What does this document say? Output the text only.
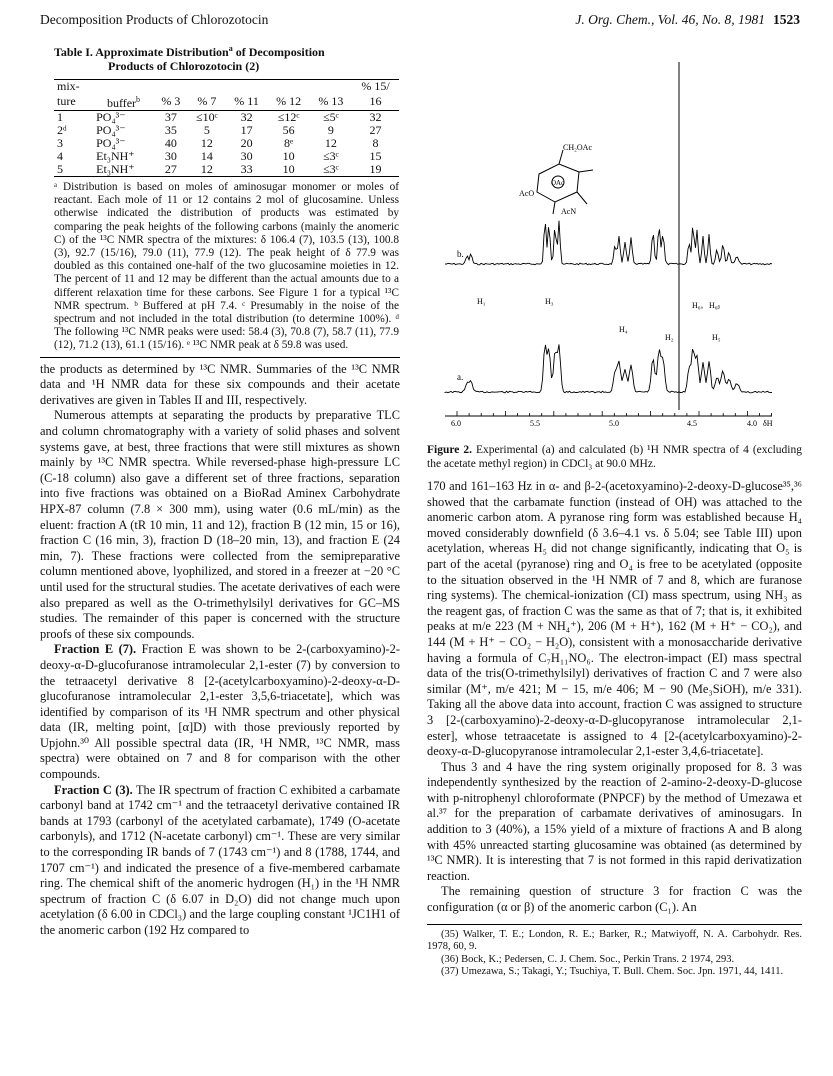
Decomposition Products of Chlorozotocin	J. Org. Chem., Vol. 46, No. 8, 1981 1523
Table I. Approximate Distribution$^a$ of Decomposition
Products of Chlorozotocin (2)
mix-							% 15/
ture	buffer$^b$	% 3	% 7	% 11	% 12	% 13	16
1	PO₄³⁻	37	≤10ᶜ	32	≤12ᶜ	≤5ᶜ	32
2ᵈ	PO₄³⁻	35	5	17	56	9	27
3	PO₄³⁻	40	12	20	8ᵉ	12	8
4	Et₃NH⁺	30	14	30	10	≤3ᶜ	15
5	Et₃NH⁺	27	12	33	10	≤3ᶜ	19
ᵃ Distribution is based on moles of aminosugar monomer or moles of reactant. Each mole of 11 or 12 contains 2 mol of glucosamine. Unless otherwise indicated the distribution of products was estimated by comparing the peak heights of the following carbons (mainly the anomeric C) of the ¹³C NMR spectra of the mixtures: δ 106.4 (7), 103.5 (13), 100.8 (3), 92.7 (15/16), 79.0 (11), 77.9 (12). The peak height of δ 77.9 was doubled as this contained one-half of the two glucosamine moieties in 12. The percent of 11 and 12 may be different than the actual amounts due to a different relaxation time for these carbons. See Figure 1 for a typical ¹³C NMR spectrum. ᵇ Buffered at pH 7.4. ᶜ Presumably in the noise of the spectrum and not included in the total distribution (to determine 100%). ᵈ The following ¹³C NMR peaks were used: 58.4 (3), 70.8 (7), 58.7 (11), 77.9 (12), 71.2 (13), 61.1 (15/16). ᵉ ¹³C NMR peak at δ 59.8 was used.

the products as determined by ¹³C NMR. Summaries of the ¹³C NMR data and ¹H NMR data for these six compounds and their acetate derivatives are given in Tables II and III, respectively.

Numerous attempts at separating the products by preparative TLC and column chromatography with a variety of solid phases and solvent systems gave, at best, three fractions that were still mixtures as shown mainly by ¹³C NMR spectra. While reversed-phase high-pressure LC (C-18 column) also gave a different set of three fractions, separation into five fractions was obtained on a BioRad Aminex Carbohydrate HPX-87 column (7.8 × 300 mm), using water (0.6 mL/min) as the eluent: fraction A (tR 10 min, 11 and 12), fraction B (12 min, 15 or 16), fraction C (16 min, 3), fraction D (18–20 min, 13), and fraction E (24 min, 7). These fractions were collected from the semipreparative column mentioned above, lyophilized, and stored in a freezer at −20 °C until used for the structural studies. The acetate derivatives of each were also prepared as well as the O-trimethylsilyl derivatives for GC–MS studies. The remainder of this paper is concerned with the structure proofs of these six compounds.

Fraction E (7). Fraction E was shown to be 2-(carboxyamino)-2-deoxy-α-D-glucofuranose intramolecular 2,1-ester (7) by conversion to the tetraacetyl derivative 8 [2-(acetylcarboxyamino)-2-deoxy-α-D-glucofuranose intramolecular 2,1-ester 3,5,6-triacetate], which was identified by comparison of its ¹H NMR spectrum and other physical data (IR, melting point, [α]D) with those previously reported by Upjohn.³⁰ All possible spectral data (IR, ¹H NMR, ¹³C NMR, mass spectra) were obtained on 7 and 8 for comparison with the other compounds.

Fraction C (3). The IR spectrum of fraction C exhibited a carbamate carbonyl band at 1742 cm⁻¹ and the tetraacetyl derivative contained IR bands at 1793 (carbonyl of the acetylated carbamate), 1749 (O-acetate carbonyls), and 1712 (N-acetate carbonyl) cm⁻¹. These are very similar to the corresponding IR bands of 7 (1743 cm⁻¹) and 8 (1788, 1744, and 1707 cm⁻¹) and indicated the presence of a five-membered carbamate ring. The chemical shift of the anomeric hydrogen (H₁) in the ¹H NMR spectrum of fraction C (δ 6.07 in D₂O) did not change much upon acetylation (δ 6.00 in CDCl₃) and the large coupling constant ¹JC1H1 of the anomeric carbon (192 Hz compared to

CH₂OAc
OAc
AcO
AcN
b.
a.
H₁	H₃
H₄
H₂
H₆ₐ H₆ᵦ
H₅
6.0	5.5	5.0	4.5	4.0 δH
Figure 2. Experimental (a) and calculated (b) ¹H NMR spectra of 4 (excluding the acetate methyl region) in CDCl₃ at 90.0 MHz.

170 and 161–163 Hz in α- and β-2-(acetoxyamino)-2-deoxy-D-glucose³⁵,³⁶ showed that the carbamate function (instead of OH) was attached to the anomeric carbon atom. A pyranose ring form was established because H₄ moved considerably downfield (δ 3.6–4.1 vs. δ 5.04; see Table III) upon acetylation, whereas H₅ did not change significantly, indicating that O₅ is part of the acetal (pyranose) ring and O₄ is free to be acetylated (opposite to the situation observed in the ¹H NMR of 7 and 8, which are furanose ring systems). The chemical-ionization (CI) mass spectrum, using NH₃ as the reagent gas, of fraction C was the same as that of 7; that is, it exhibited peaks at m/e 223 (M + NH₄⁺), 206 (M + H⁺), 162 (M + H⁺ − CO₂), and 144 (M + H⁺ − CO₂ − H₂O), consistent with a monosaccharide derivative having a formula of C₇H₁₁NO₆. The electron-impact (EI) mass spectral data of the tris(O-trimethylsilyl) derivatives of fraction C and 7 were also similar (M⁺, m/e 421; M − 15, m/e 406; M − 90 (Me₃SiOH), m/e 331). Taking all the above data into account, fraction C was assigned to structure 3 [2-(carboxyamino)-2-deoxy-α-D-glucopyranose intramolecular 2,1-ester], whose tetraacetate is assigned to 4 [2-(acetylcarboxyamino)-2-deoxy-α-D-glucopyranose intramolecular 2,1-ester 3,4,6-triacetate].

Thus 3 and 4 have the ring system originally proposed for 8. 3 was independently synthesized by the reaction of 2-amino-2-deoxy-D-glucose with p-nitrophenyl chloroformate (PNPCF) by the method of Umezawa et al.³⁷ for the preparation of carbamate derivatives of aminosugars. In addition to 3 (40%), a 15% yield of a mixture of fractions A and B along with 45% unreacted starting glucosamine was obtained (as determined by ¹³C NMR). It is interesting that 7 is not formed in this rapid derivatization reaction.

The remaining question of structure 3 for fraction C was the configuration (α or β) of the anomeric carbon (C₁). An

(35) Walker, T. E.; London, R. E.; Barker, R.; Matwiyoff, N. A. Carbohydr. Res. 1978, 60, 9.

(36) Bock, K.; Pedersen, C. J. Chem. Soc., Perkin Trans. 2 1974, 293.

(37) Umezawa, S.; Takagi, Y.; Tsuchiya, T. Bull. Chem. Soc. Jpn. 1971, 44, 1411.
